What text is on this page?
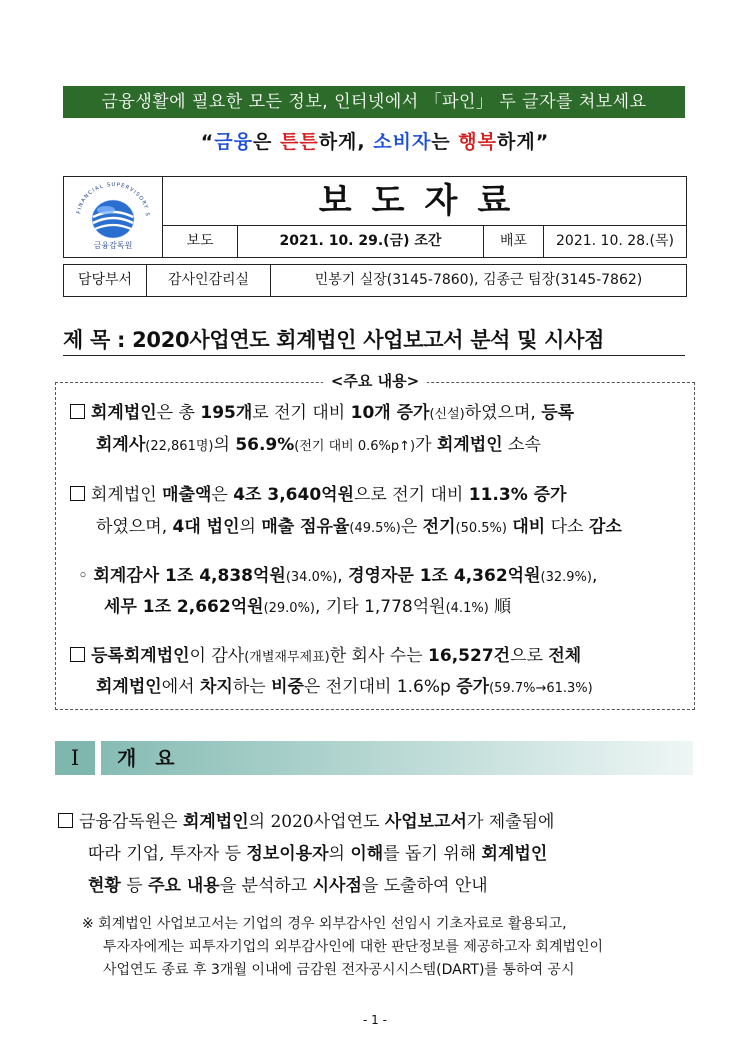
금융생활에 필요한 모든 정보, 인터넷에서 「파인」 두 글자를 쳐보세요
“금융은 튼튼하게, 소비자는 행복하게”
FINANCIAL SUPERVISORY S
금융감독원
보도자료
보도	2021. 10. 29.(금) 조간	배포	2021. 10. 28.(목)
담당부서	감사인감리실	민봉기 실장(3145-7860), 김종근 팀장(3145-7862)
제 목 : 2020사업연도 회계법인 사업보고서 분석 및 시사점
<주요 내용>
회계법인은 총 195개로 전기 대비 10개 증가(신설)하였으며, 등록
회계사(22,861명)의 56.9%(전기 대비 0.6%p↑)가 회계법인 소속
회계법인 매출액은 4조 3,640억원으로 전기 대비 11.3% 증가
하였으며, 4대 법인의 매출 점유율(49.5%)은 전기(50.5%) 대비 다소 감소
◦ 회계감사 1조 4,838억원(34.0%), 경영자문 1조 4,362억원(32.9%),
세무 1조 2,662억원(29.0%), 기타 1,778억원(4.1%) 順
등록회계법인이 감사(개별재무제표)한 회사 수는 16,527건으로 전체
회계법인에서 차지하는 비중은 전기대비 1.6%p 증가(59.7%→61.3%)
Ⅰ	개 요
금융감독원은 회계법인의 2020사업연도 사업보고서가 제출됨에
따라 기업, 투자자 등 정보이용자의 이해를 돕기 위해 회계법인
현황 등 주요 내용을 분석하고 시사점을 도출하여 안내
※ 회계법인 사업보고서는 기업의 경우 외부감사인 선임시 기초자료로 활용되고,
투자자에게는 피투자기업의 외부감사인에 대한 판단정보를 제공하고자 회계법인이
사업연도 종료 후 3개월 이내에 금감원 전자공시시스템(DART)를 통하여 공시
- 1 -
